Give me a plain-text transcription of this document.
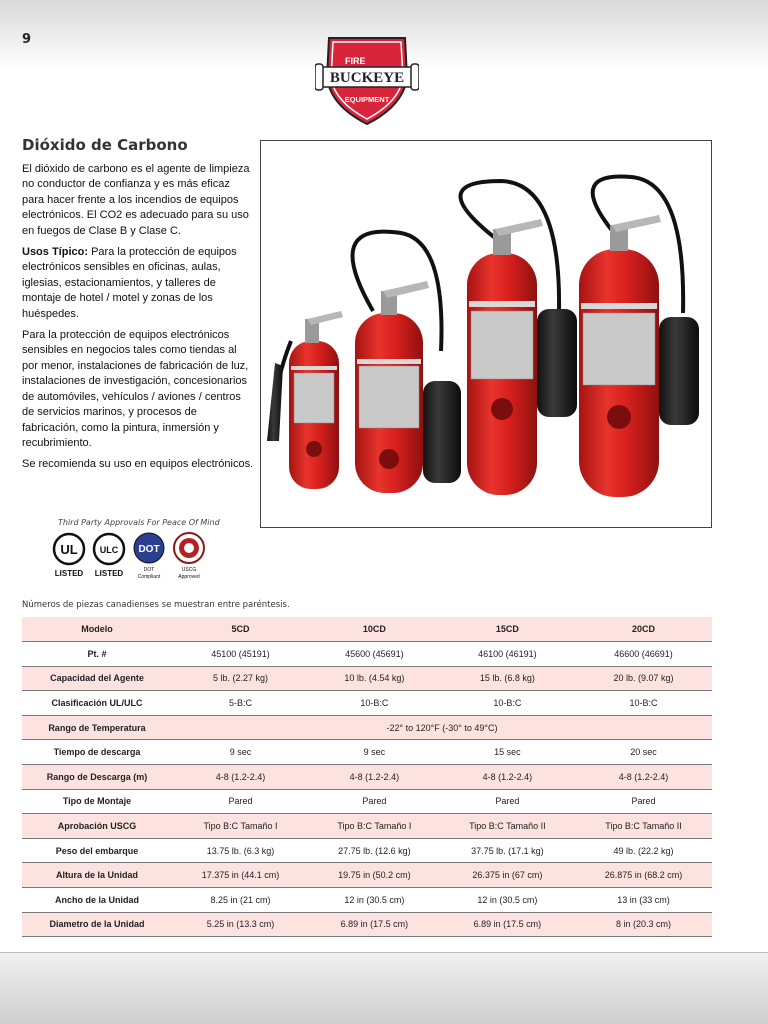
9
FIRE
BUCKEYE
EQUIPMENT
Dióxido de Carbono

El dióxido de carbono es el agente de limpieza no conductor de confianza y es más eficaz para hacer frente a los incendios de equipos electrónicos. El CO2 es adecuado para su uso en fuegos de Clase B y Clase C.

Usos Típico: Para la protección de equipos electrónicos sensibles en oficinas, aulas, iglesias, estacionamientos, y talleres de montaje de hotel / motel y zonas de los huéspedes.

Para la protección de equipos electrónicos sensibles en negocios tales como tiendas al por menor, instalaciones de fabricación de luz, instalaciones de investigación, concesionarios de automóviles, vehículos / aviones / centros de servicios marinos, y procesos de fabricación, como la pintura, inmersión y recubrimiento.

Se recomienda su uso en equipos electrónicos.

Third Party Approvals For Peace Of Mind
UL
LISTED
ULC
LISTED
DOT
DOT
Compliant
USCG
Approved
Números de piezas canadienses se muestran entre paréntesis.
Modelo	5CD	10CD	15CD	20CD
Pt. #	45100 (45191)	45600 (45691)	46100 (46191)	46600 (46691)
Capacidad del Agente	5 lb. (2.27 kg)	10 lb. (4.54 kg)	15 lb. (6.8 kg)	20 lb. (9.07 kg)
Clasificación UL/ULC	5-B:C	10-B:C	10-B:C	10-B:C
Rango de Temperatura	-22° to 120°F (-30° to 49°C)			
Tiempo de descarga	9 sec	9 sec	15 sec	20 sec
Rango de Descarga (m)	4-8 (1.2-2.4)	4-8 (1.2-2.4)	4-8 (1.2-2.4)	4-8 (1.2-2.4)
Tipo de Montaje	Pared	Pared	Pared	Pared
Aprobación USCG	Tipo B:C Tamaño I	Tipo B:C Tamaño I	Tipo B:C Tamaño II	Tipo B:C Tamaño II
Peso del embarque	13.75 lb. (6.3 kg)	27.75 lb. (12.6 kg)	37.75 lb. (17.1 kg)	49 lb. (22.2 kg)
Altura de la Unidad	17.375 in (44.1 cm)	19.75 in (50.2 cm)	26.375 in (67 cm)	26.875 in (68.2 cm)
Ancho de la Unidad	8.25 in (21 cm)	12 in (30.5 cm)	12 in (30.5 cm)	13 in (33 cm)
Diametro de la Unidad	5.25 in (13.3 cm)	6.89 in (17.5 cm)	6.89 in (17.5 cm)	8 in (20.3 cm)
